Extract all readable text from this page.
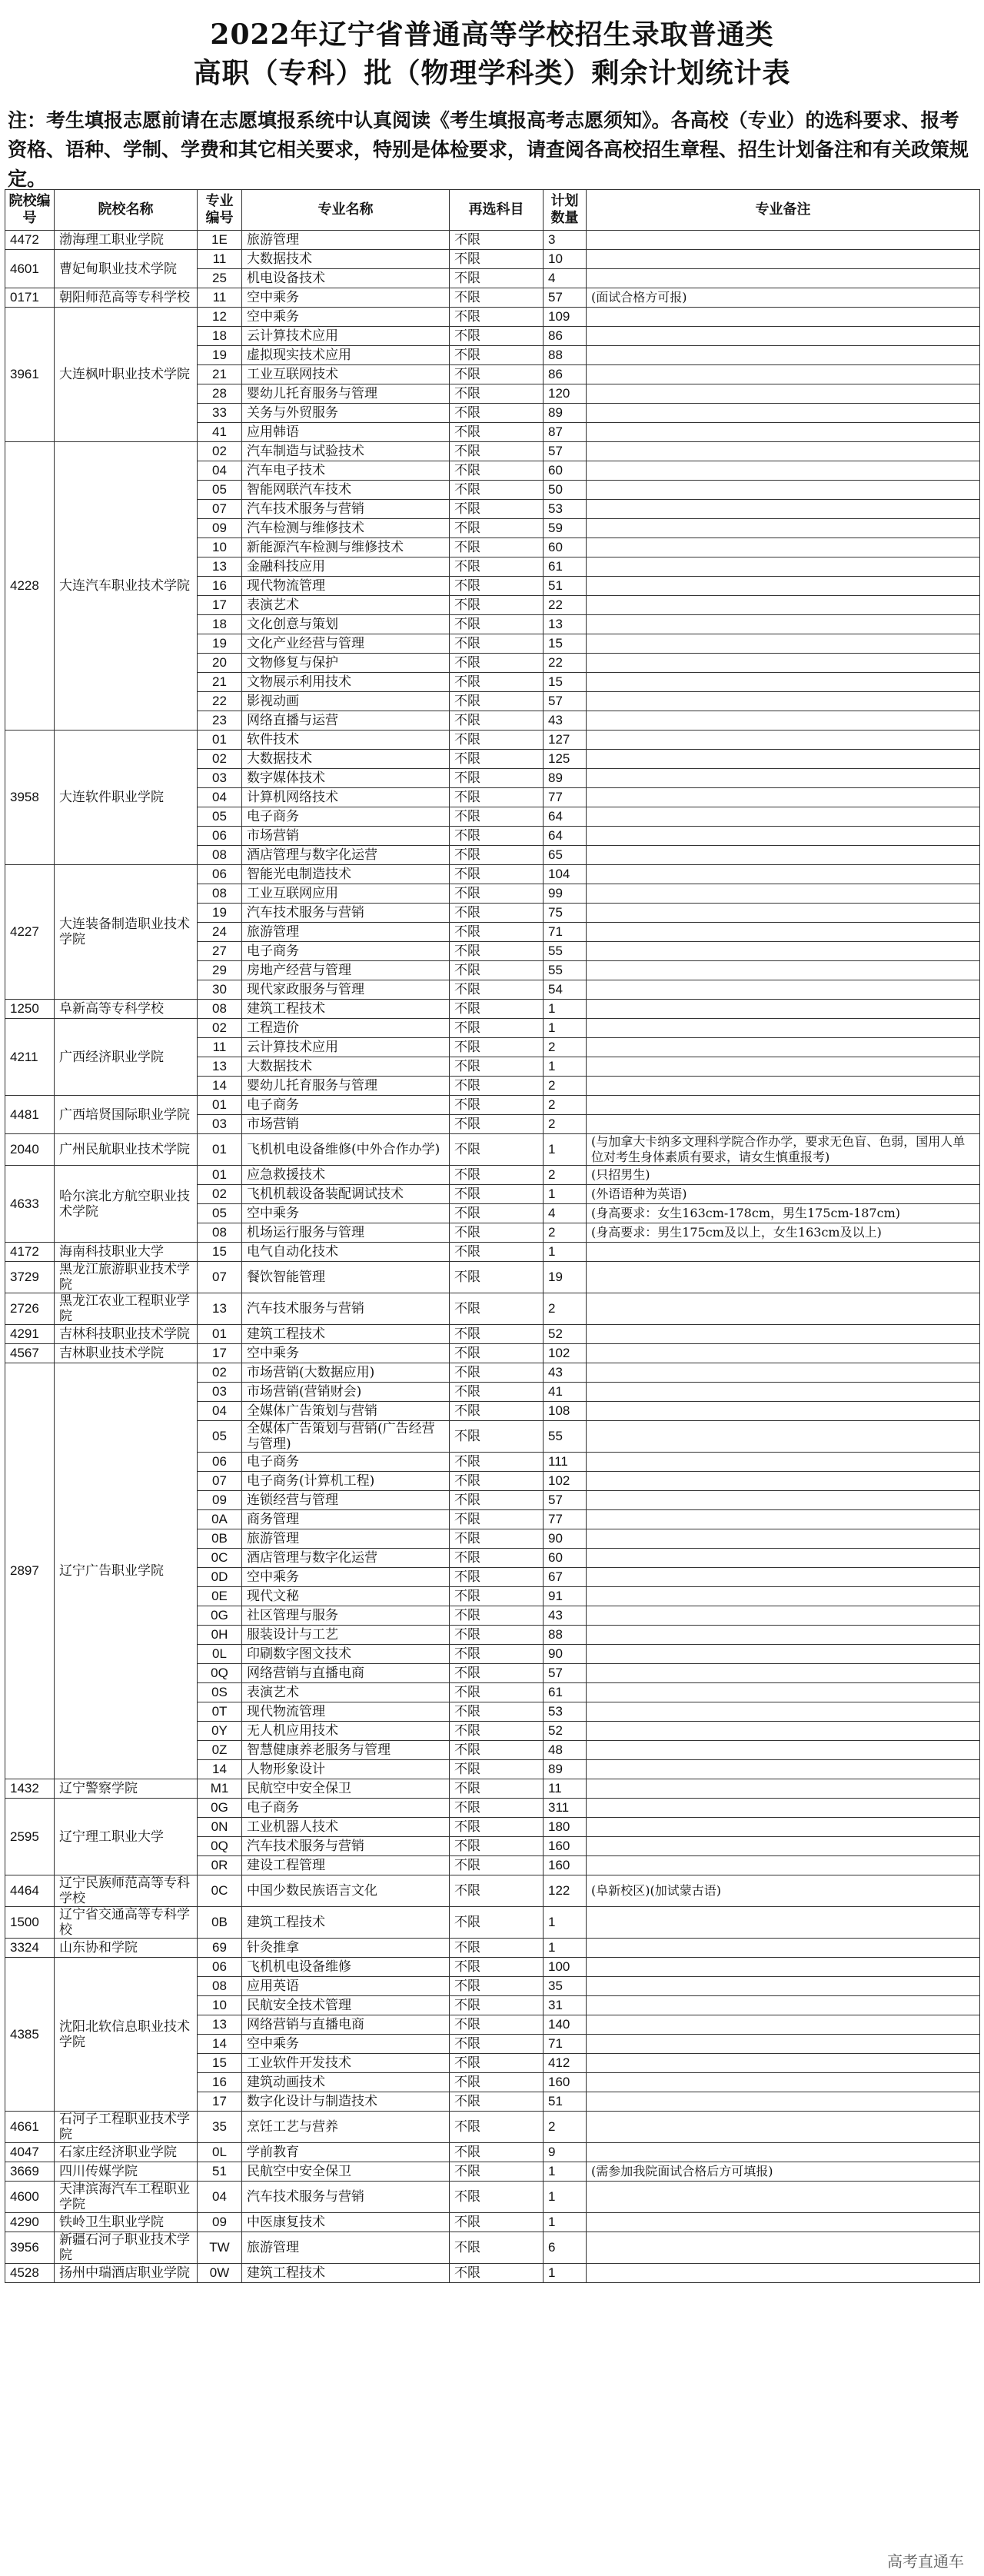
2022年辽宁省普通高等学校招生录取普通类
高职（专科）批（物理学科类）剩余计划统计表
注：考生填报志愿前请在志愿填报系统中认真阅读《考生填报高考志愿须知》。各高校（专业）的选科要求、报考资格、语种、学制、学费和其它相关要求，特别是体检要求，请查阅各高校招生章程、招生计划备注和有关政策规定。
院校编号	院校名称	专业编号	专业名称	再选科目	计划数量	专业备注
4472	渤海理工职业学院	1E	旅游管理	不限	3	
4601	曹妃甸职业技术学院	11	大数据技术	不限	10	
		25	机电设备技术	不限	4	
0171	朝阳师范高等专科学校	11	空中乘务	不限	57	(面试合格方可报)
3961	大连枫叶职业技术学院	12	空中乘务	不限	109	
		18	云计算技术应用	不限	86	
		19	虚拟现实技术应用	不限	88	
		21	工业互联网技术	不限	86	
		28	婴幼儿托育服务与管理	不限	120	
		33	关务与外贸服务	不限	89	
		41	应用韩语	不限	87	
4228	大连汽车职业技术学院	02	汽车制造与试验技术	不限	57	
		04	汽车电子技术	不限	60	
		05	智能网联汽车技术	不限	50	
		07	汽车技术服务与营销	不限	53	
		09	汽车检测与维修技术	不限	59	
		10	新能源汽车检测与维修技术	不限	60	
		13	金融科技应用	不限	61	
		16	现代物流管理	不限	51	
		17	表演艺术	不限	22	
		18	文化创意与策划	不限	13	
		19	文化产业经营与管理	不限	15	
		20	文物修复与保护	不限	22	
		21	文物展示利用技术	不限	15	
		22	影视动画	不限	57	
		23	网络直播与运营	不限	43	
3958	大连软件职业学院	01	软件技术	不限	127	
		02	大数据技术	不限	125	
		03	数字媒体技术	不限	89	
		04	计算机网络技术	不限	77	
		05	电子商务	不限	64	
		06	市场营销	不限	64	
		08	酒店管理与数字化运营	不限	65	
4227	大连装备制造职业技术学院	06	智能光电制造技术	不限	104	
		08	工业互联网应用	不限	99	
		19	汽车技术服务与营销	不限	75	
		24	旅游管理	不限	71	
		27	电子商务	不限	55	
		29	房地产经营与管理	不限	55	
		30	现代家政服务与管理	不限	54	
1250	阜新高等专科学校	08	建筑工程技术	不限	1	
4211	广西经济职业学院	02	工程造价	不限	1	
		11	云计算技术应用	不限	2	
		13	大数据技术	不限	1	
		14	婴幼儿托育服务与管理	不限	2	
4481	广西培贤国际职业学院	01	电子商务	不限	2	
		03	市场营销	不限	2	
2040	广州民航职业技术学院	01	飞机机电设备维修(中外合作办学)	不限	1	(与加拿大卡纳多文理科学院合作办学，要求无色盲、色弱，国用人单位对考生身体素质有要求，请女生慎重报考)
4633	哈尔滨北方航空职业技术学院	01	应急救援技术	不限	2	(只招男生)
		02	飞机机载设备装配调试技术	不限	1	(外语语种为英语)
		05	空中乘务	不限	4	(身高要求：女生163cm-178cm，男生175cm-187cm)
		08	机场运行服务与管理	不限	2	(身高要求：男生175cm及以上，女生163cm及以上)
4172	海南科技职业大学	15	电气自动化技术	不限	1	
3729	黑龙江旅游职业技术学院	07	餐饮智能管理	不限	19	
2726	黑龙江农业工程职业学院	13	汽车技术服务与营销	不限	2	
4291	吉林科技职业技术学院	01	建筑工程技术	不限	52	
4567	吉林职业技术学院	17	空中乘务	不限	102	
2897	辽宁广告职业学院	02	市场营销(大数据应用)	不限	43	
		03	市场营销(营销财会)	不限	41	
		04	全媒体广告策划与营销	不限	108	
		05	全媒体广告策划与营销(广告经营与管理)	不限	55	
		06	电子商务	不限	111	
		07	电子商务(计算机工程)	不限	102	
		09	连锁经营与管理	不限	57	
		0A	商务管理	不限	77	
		0B	旅游管理	不限	90	
		0C	酒店管理与数字化运营	不限	60	
		0D	空中乘务	不限	67	
		0E	现代文秘	不限	91	
		0G	社区管理与服务	不限	43	
		0H	服装设计与工艺	不限	88	
		0L	印刷数字图文技术	不限	90	
		0Q	网络营销与直播电商	不限	57	
		0S	表演艺术	不限	61	
		0T	现代物流管理	不限	53	
		0Y	无人机应用技术	不限	52	
		0Z	智慧健康养老服务与管理	不限	48	
		14	人物形象设计	不限	89	
1432	辽宁警察学院	M1	民航空中安全保卫	不限	11	
2595	辽宁理工职业大学	0G	电子商务	不限	311	
		0N	工业机器人技术	不限	180	
		0Q	汽车技术服务与营销	不限	160	
		0R	建设工程管理	不限	160	
4464	辽宁民族师范高等专科学校	0C	中国少数民族语言文化	不限	122	(阜新校区)(加试蒙古语)
1500	辽宁省交通高等专科学校	0B	建筑工程技术	不限	1	
3324	山东协和学院	69	针灸推拿	不限	1	
4385	沈阳北软信息职业技术学院	06	飞机机电设备维修	不限	100	
		08	应用英语	不限	35	
		10	民航安全技术管理	不限	31	
		13	网络营销与直播电商	不限	140	
		14	空中乘务	不限	71	
		15	工业软件开发技术	不限	412	
		16	建筑动画技术	不限	160	
		17	数字化设计与制造技术	不限	51	
4661	石河子工程职业技术学院	35	烹饪工艺与营养	不限	2	
4047	石家庄经济职业学院	0L	学前教育	不限	9	
3669	四川传媒学院	51	民航空中安全保卫	不限	1	(需参加我院面试合格后方可填报)
4600	天津滨海汽车工程职业学院	04	汽车技术服务与营销	不限	1	
4290	铁岭卫生职业学院	09	中医康复技术	不限	1	
3956	新疆石河子职业技术学院	TW	旅游管理	不限	6	
4528	扬州中瑞酒店职业学院	0W	建筑工程技术	不限	1	
高考直通车
